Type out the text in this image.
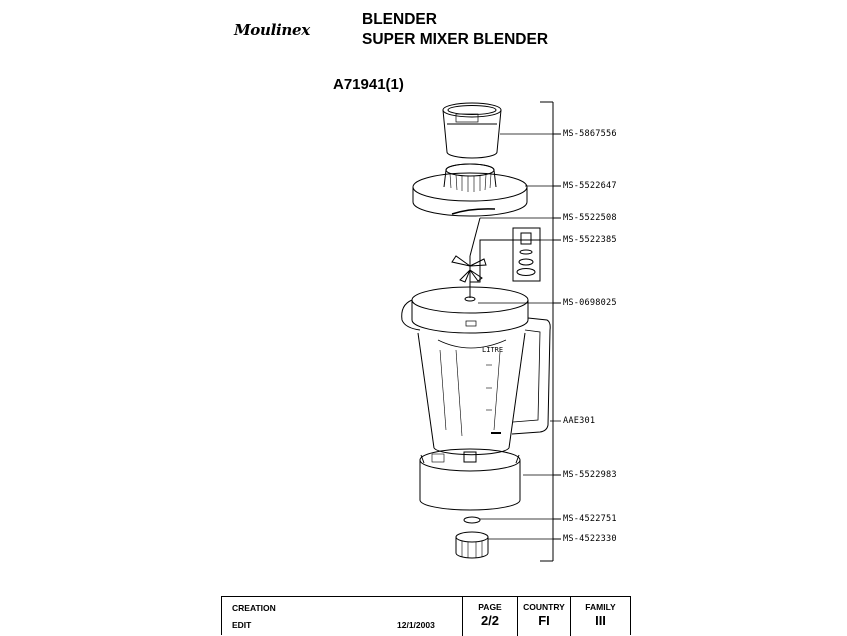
Moulinex
BLENDER
SUPER MIXER BLENDER
A71941(1)
LITRE
MS-5867556
MS-5522647
MS-5522508
MS-5522385
MS-0698025
AAE301
MS-5522983
MS-4522751
MS-4522330
CREATION
EDIT	12/1/2003
PAGE
2/2
COUNTRY
FI
FAMILY
III
